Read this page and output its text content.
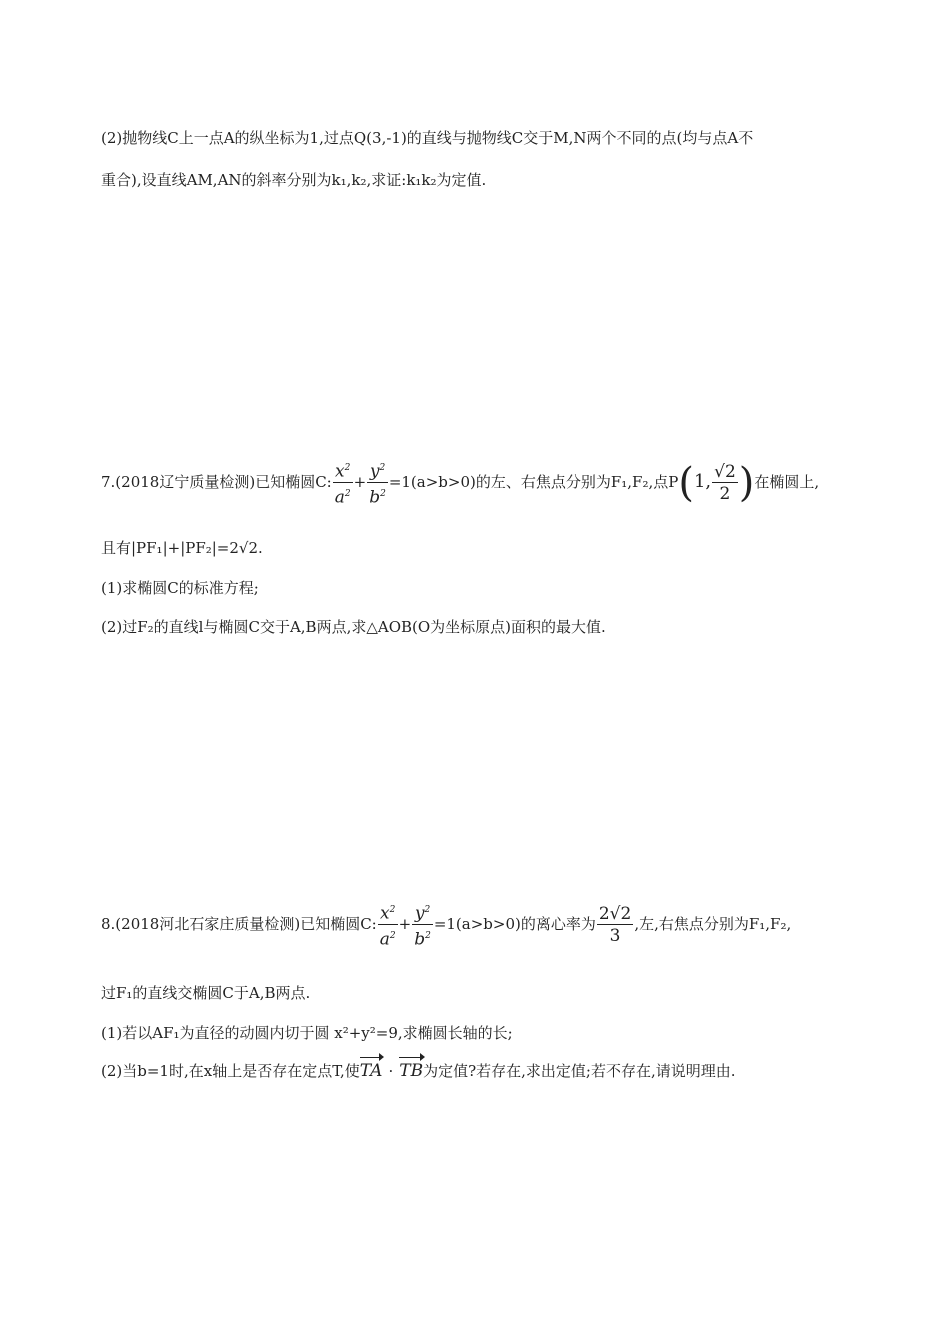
(2)抛物线C上一点A的纵坐标为1,过点Q(3,-1)的直线与抛物线C交于M,N两个不同的点(均与点A不
重合),设直线AM,AN的斜率分别为k₁,k₂,求证:k₁k₂为定值.
7.(2018辽宁质量检测)已知椭圆C: $\frac{x^2}{a^2} + \frac{y^2}{b^2} =1(a>b>0)$的左、右焦点分别为F₁,F₂,点P(1, $\frac{√2}{2}$ )在椭圆上,
且有|PF₁|+|PF₂|=2√2.
(1)求椭圆C的标准方程;
(2)过F₂的直线l与椭圆C交于A,B两点,求△AOB(O为坐标原点)面积的最大值.
8.(2018河北石家庄质量检测)已知椭圆C: $\frac{x^2}{a^2} + \frac{y^2}{b^2} =1(a>b>0)$的离心率为 $\frac{2√2}{3}$ ,左,右焦点分别为F₁,F₂,
过F₁的直线交椭圆C于A,B两点.
(1)若以AF₁为直径的动圆内切于圆 x²+y²=9,求椭圆长轴的长;
(2)当b=1时,在x轴上是否存在定点T,使TA · TB为定值?若存在,求出定值;若不存在,请说明理由.
